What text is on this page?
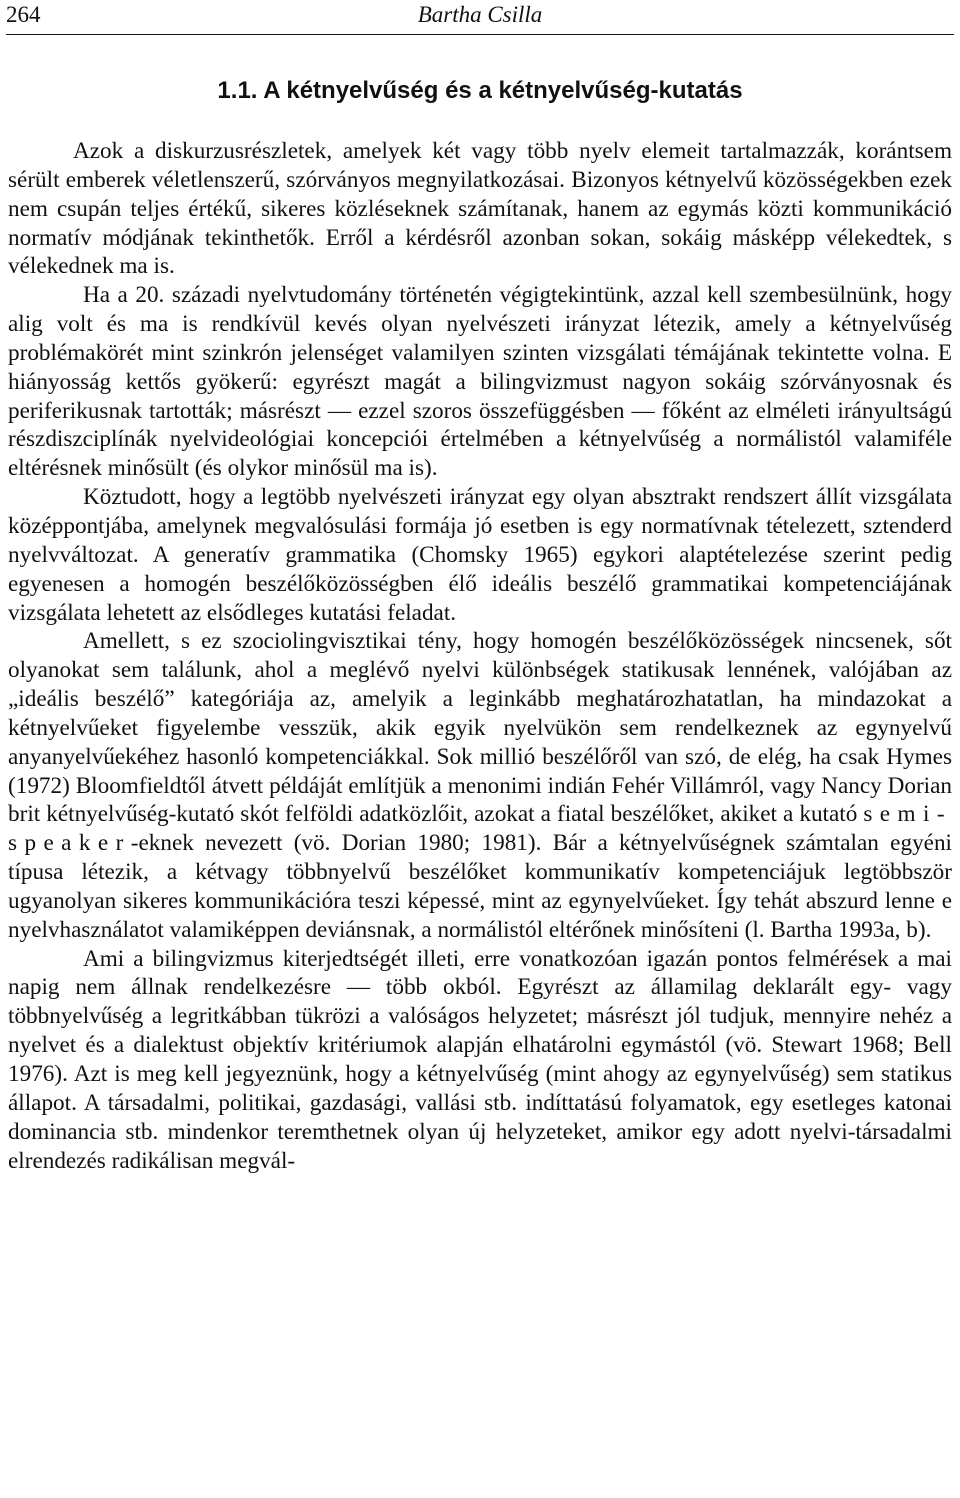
264	Bartha Csilla
1.1. A kétnyelvűség és a kétnyelvűség-kutatás

Azok a diskurzusrészletek, amelyek két vagy több nyelv elemeit tartalmazzák, korántsem sérült emberek véletlenszerű, szórványos megnyilatkozásai. Bizonyos kétnyelvű közösségekben ezek nem csupán teljes értékű, sikeres közléseknek számítanak, hanem az egymás közti kommunikáció normatív módjának tekinthetők. Erről a kérdésről azonban sokan, sokáig másképp vélekedtek, s vélekednek ma is.

Ha a 20. századi nyelvtudomány történetén végigtekintünk, azzal kell szembesülnünk, hogy alig volt és ma is rendkívül kevés olyan nyelvészeti irányzat létezik, amely a kétnyelvűség problémakörét mint szinkrón jelenséget valamilyen szinten vizsgálati témájának tekintette volna. E hiányosság kettős gyökerű: egyrészt magát a bilingvizmust nagyon sokáig szórványosnak és periferikusnak tartották; másrészt — ezzel szoros összefüggésben — főként az elméleti irányultságú részdiszciplínák nyelvideológiai koncepciói értelmében a kétnyelvűség a normálistól valamiféle eltérésnek minősült (és olykor minősül ma is).

Köztudott, hogy a legtöbb nyelvészeti irányzat egy olyan absztrakt rendszert állít vizsgálata középpontjába, amelynek megvalósulási formája jó esetben is egy normatívnak tételezett, sztenderd nyelvváltozat. A generatív grammatika (Chomsky 1965) egykori alaptételezése szerint pedig egyenesen a homogén beszélőközösségben élő ideális beszélő grammatikai kompetenciájának vizsgálata lehetett az elsődleges kutatási feladat.

Amellett, s ez szociolingvisztikai tény, hogy homogén beszélőközösségek nincsenek, sőt olyanokat sem találunk, ahol a meglévő nyelvi különbségek statikusak lennének, valójában az „ideális beszélő” kategóriája az, amelyik a leginkább meghatározhatatlan, ha mindazokat a kétnyelvűeket figyelembe vesszük, akik egyik nyelvükön sem rendelkeznek az egynyelvű anyanyelvűekéhez hasonló kompetenciákkal. Sok millió beszélőről van szó, de elég, ha csak Hymes (1972) Bloomfieldtől átvett példáját említjük a menonimi indián Fehér Villámról, vagy Nancy Dorian brit kétnyelvűség-kutató skót felföldi adatközlőit, azokat a fiatal beszélőket, akiket a kutató semi-speaker-eknek nevezett (vö. Dorian 1980; 1981). Bár a kétnyelvűségnek számtalan egyéni típusa létezik, a kétvagy többnyelvű beszélőket kommunikatív kompetenciájuk legtöbbször ugyanolyan sikeres kommunikációra teszi képessé, mint az egynyelvűeket. Így tehát abszurd lenne e nyelvhasználatot valamiképpen deviánsnak, a normálistól eltérőnek minősíteni (l. Bartha 1993a, b).

Ami a bilingvizmus kiterjedtségét illeti, erre vonatkozóan igazán pontos felmérések a mai napig nem állnak rendelkezésre — több okból. Egyrészt az államilag deklarált egy- vagy többnyelvűség a legritkábban tükrözi a valóságos helyzetet; másrészt jól tudjuk, mennyire nehéz a nyelvet és a dialektust objektív kritériumok alapján elhatárolni egymástól (vö. Stewart 1968; Bell 1976). Azt is meg kell jegyeznünk, hogy a kétnyelvűség (mint ahogy az egynyelvűség) sem statikus állapot. A társadalmi, politikai, gazdasági, vallási stb. indíttatású folyamatok, egy esetleges katonai dominancia stb. mindenkor teremthetnek olyan új helyzeteket, amikor egy adott nyelvi-társadalmi elrendezés radikálisan megvál-
